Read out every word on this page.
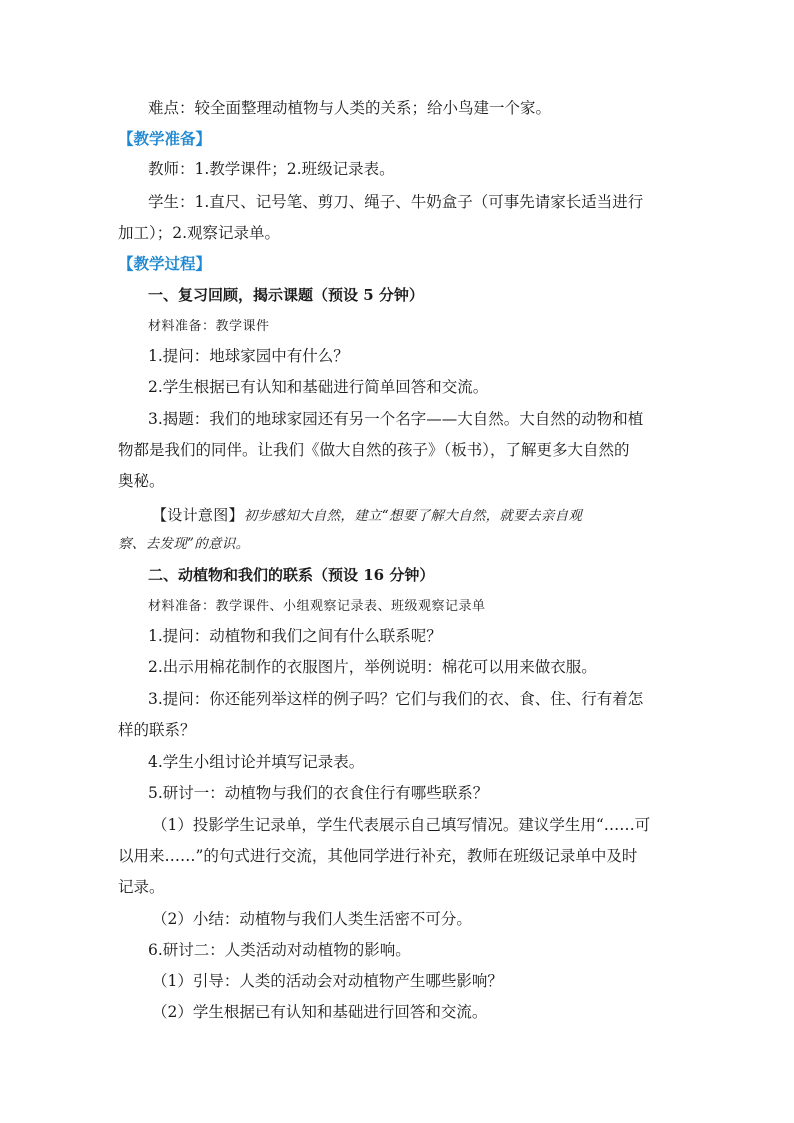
难点：较全面整理动植物与人类的关系；给小鸟建一个家。
【教学准备】
教师：1.教学课件；2.班级记录表。
学生：1.直尺、记号笔、剪刀、绳子、牛奶盒子（可事先请家长适当进行
加工）；2.观察记录单。
【教学过程】
一、复习回顾，揭示课题（预设 5 分钟）
材料准备：教学课件
1.提问：地球家园中有什么？
2.学生根据已有认知和基础进行简单回答和交流。
3.揭题：我们的地球家园还有另一个名字——大自然。大自然的动物和植
物都是我们的同伴。让我们《做大自然的孩子》（板书），了解更多大自然的
奥秘。
【设计意图】初步感知大自然，建立“想要了解大自然，就要去亲自观
察、去发现”的意识。
二、动植物和我们的联系（预设 16 分钟）
材料准备：教学课件、小组观察记录表、班级观察记录单
1.提问：动植物和我们之间有什么联系呢？
2.出示用棉花制作的衣服图片，举例说明：棉花可以用来做衣服。
3.提问：你还能列举这样的例子吗？它们与我们的衣、食、住、行有着怎
样的联系？
4.学生小组讨论并填写记录表。
5.研讨一：动植物与我们的衣食住行有哪些联系？
（1）投影学生记录单，学生代表展示自己填写情况。建议学生用“……可
以用来……”的句式进行交流，其他同学进行补充，教师在班级记录单中及时
记录。
（2）小结：动植物与我们人类生活密不可分。
6.研讨二：人类活动对动植物的影响。
（1）引导：人类的活动会对动植物产生哪些影响？
（2）学生根据已有认知和基础进行回答和交流。
